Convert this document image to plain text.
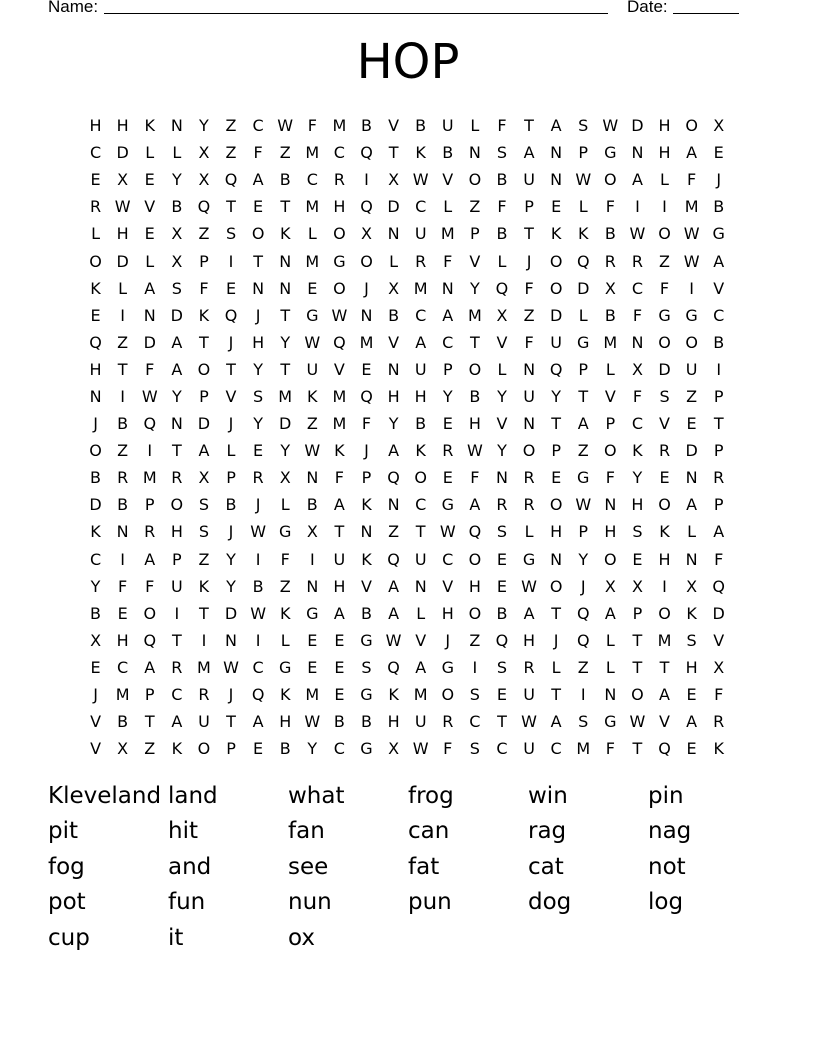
Name:	Date:
HOP
H H K N	Y	Z	C W F M B	V	B U	L	F	T	A	S W D H O X
C D	L	L	X	Z	F	Z M C Q T	K	B N	S	A N	P	G N H A	E
E	X	E	Y	X Q A	B	C R	I	X W V O B U N W O A	L	F	J
R W V	B Q T	E	T M H Q D C	L	Z	F	P	E	L	F	I	I	M B
L	H	E	X	Z	S O K	L	O X N U M P	B	T	K	K	B W O W G
O D	L	X	P	I	T	N M G O	L	R	F	V	L	J	O Q R R	Z W A
K	L	A	S	F	E	N N	E O	J	X M N	Y Q	F	O D X	C	F	I	V
E	I	N D K Q	J	T	G W N B	C	A M X	Z D	L	B	F	G G C
Q Z D A	T	J	H	Y W Q M V	A	C	T	V	F	U G M N O O B
H	T	F	A O T	Y	T	U V	E	N U	P O	L	N Q P	L	X D U	I
N	I	W Y	P	V	S M K M Q H H	Y	B	Y	U	Y	T	V	F	S	Z	P
J	B Q N D	J	Y	D Z M F	Y	B	E	H V N	T	A	P	C	V	E	T
O Z	I	T	A	L	E	Y W K	J	A	K	R W Y O P	Z O K	R D	P
B	R M R	X	P	R	X N	F	P Q O E	F	N R	E G	F	Y	E	N R
D B	P O S	B	J	L	B	A	K N C G A	R R O W N H O A	P
K N R H	S	J	W G X	T	N Z	T W Q S	L	H	P	H	S	K	L	A
C	I	A	P	Z	Y	I	F	I	U K Q U C O E G N	Y O E	H N	F
Y	F	F	U K	Y	B	Z N H V	A N V H	E W O	J	X	X	I	X Q
B	E O	I	T	D W K G A	B	A	L	H O B	A	T Q A	P O K D
X H Q T	I	N	I	L	E	E G W V	J	Z Q H	J	Q	L	T M S	V
E	C	A	R M W C G E	E	S Q A G	I	S	R	L	Z	L	T	T	H X
J	M P	C R	J	Q K M E G K M O S	E	U	T	I	N O A	E	F
V	B	T	A U	T	A H W B	B H U R C	T W A	S G W V	A	R
V	X	Z	K O P	E	B	Y	C G X W F	S	C U C M F	T Q E	K
Kleveland land	what	frog	win	pin
pit	hit	fan	can	rag	nag
fog	and	see	fat	cat	not
pot	fun	nun	pun	dog	log
cup	it	ox
